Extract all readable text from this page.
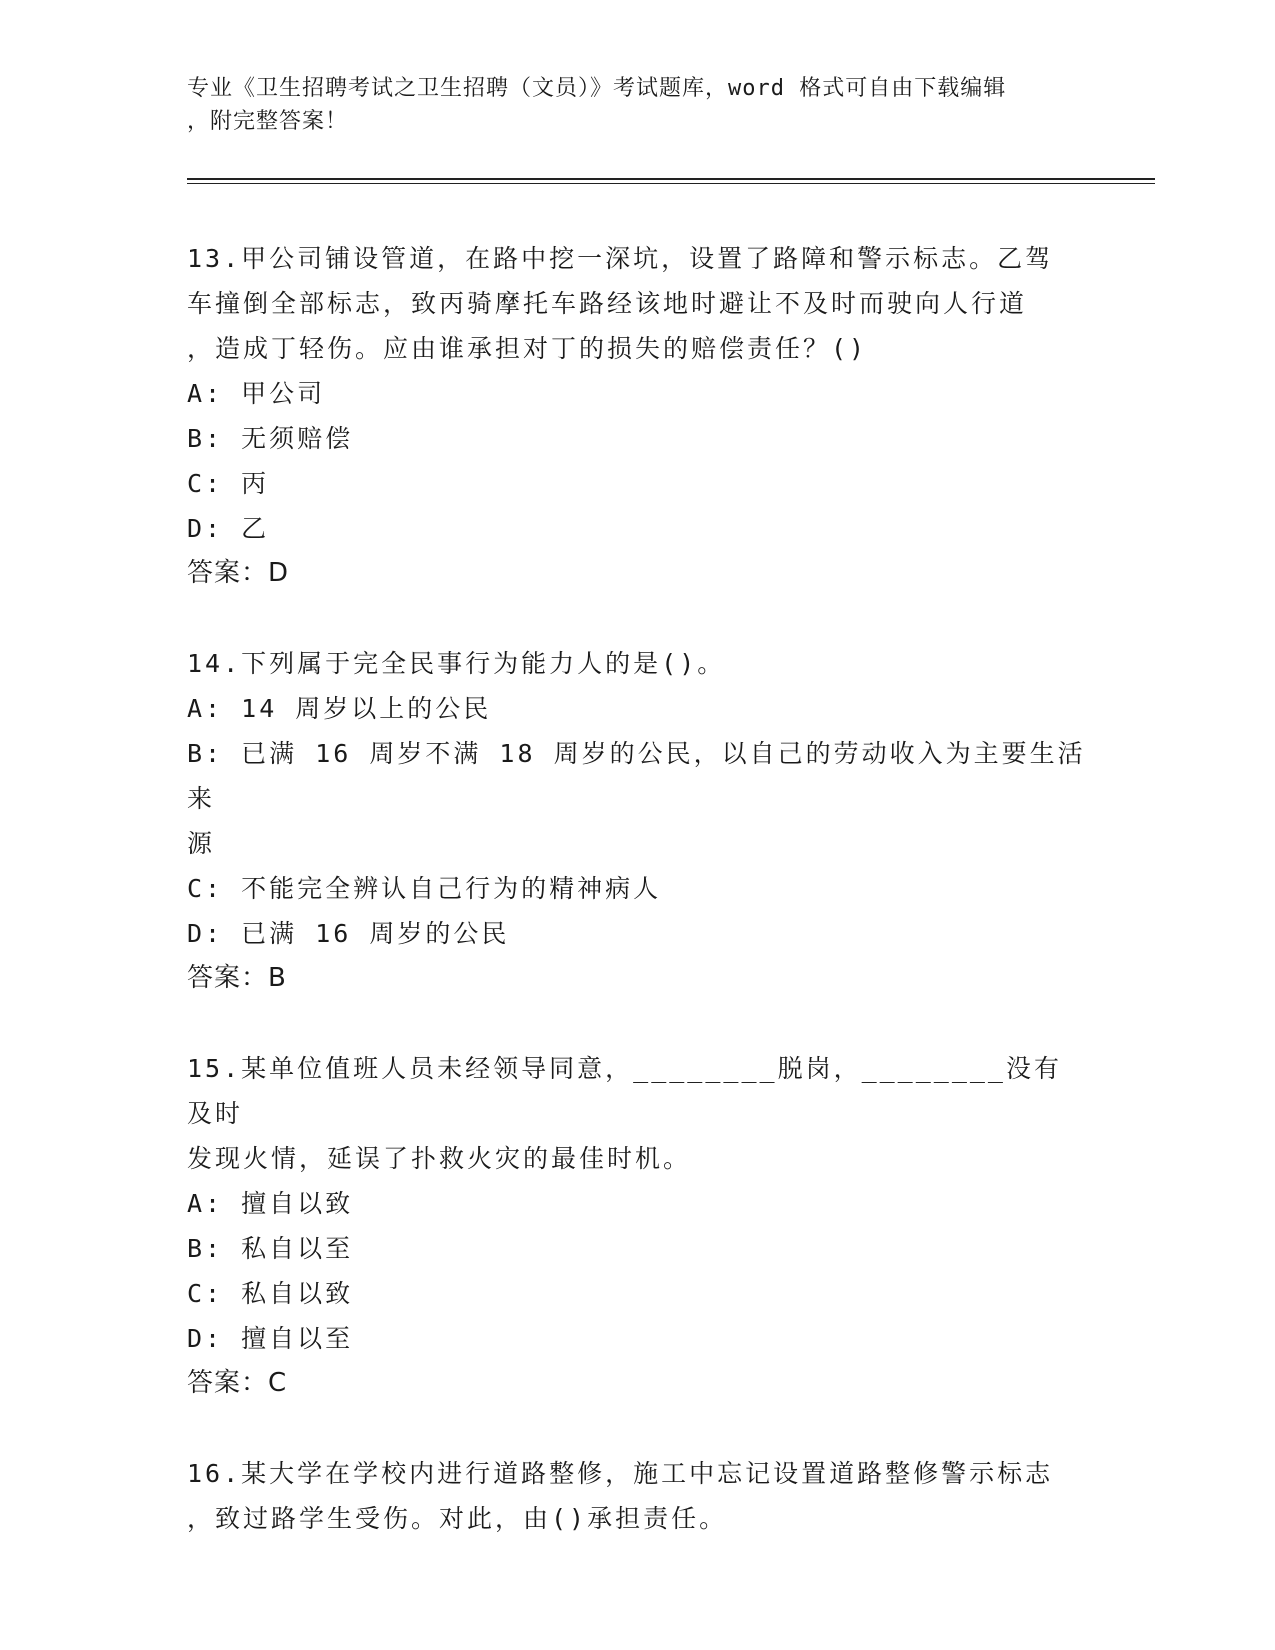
专业《卫生招聘考试之卫生招聘（文员）》考试题库，word 格式可自由下载编辑
，附完整答案！
13.甲公司铺设管道，在路中挖一深坑，设置了路障和警示标志。乙驾
车撞倒全部标志，致丙骑摩托车路经该地时避让不及时而驶向人行道
，造成丁轻伤。应由谁承担对丁的损失的赔偿责任？()
A: 甲公司
B: 无须赔偿
C: 丙
D: 乙
答案：D
14.下列属于完全民事行为能力人的是()。
A: 14 周岁以上的公民
B: 已满 16 周岁不满 18 周岁的公民，以自己的劳动收入为主要生活来
源
C: 不能完全辨认自己行为的精神病人
D: 已满 16 周岁的公民
答案：B
15.某单位值班人员未经领导同意，________脱岗，________没有及时
发现火情，延误了扑救火灾的最佳时机。
A: 擅自以致
B: 私自以至
C: 私自以致
D: 擅自以至
答案：C
16.某大学在学校内进行道路整修，施工中忘记设置道路整修警示标志
，致过路学生受伤。对此，由()承担责任。
